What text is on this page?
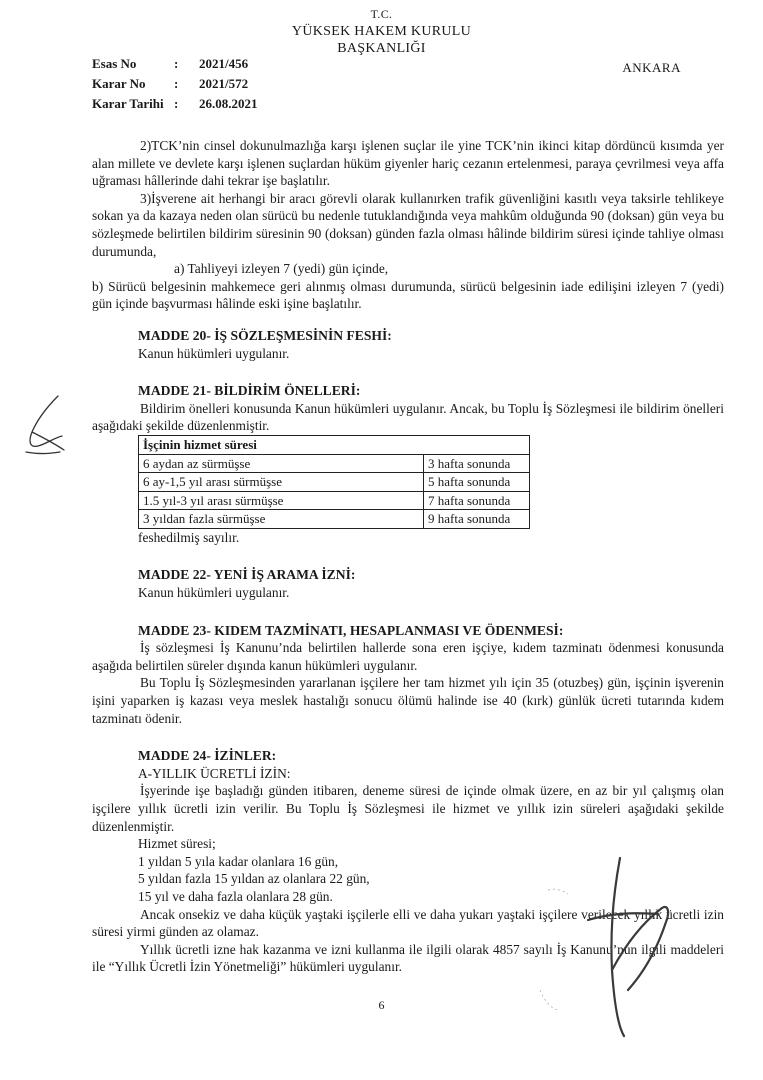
T.C.
YÜKSEK HAKEM KURULU
BAŞKANLIĞI
Esas No	:	2021/456
Karar No	:	2021/572
Karar Tarihi :	26.08.2021
ANKARA

2)TCK’nin cinsel dokunulmazlığa karşı işlenen suçlar ile yine TCK’nin ikinci kitap dördüncü kısımda yer alan millete ve devlete karşı işlenen suçlardan hüküm giyenler hariç cezanın ertelenmesi, paraya çevrilmesi veya affa uğraması hâllerinde dahi tekrar işe başlatılır.

3)İşverene ait herhangi bir aracı görevli olarak kullanırken trafik güvenliğini kasıtlı veya taksirle tehlikeye sokan ya da kazaya neden olan sürücü bu nedenle tutuklandığında veya mahkûm olduğunda 90 (doksan) gün veya bu sözleşmede belirtilen bildirim süresinin 90 (doksan) günden fazla olması hâlinde bildirim süresi içinde tahliye olması durumunda,

a) Tahliyeyi izleyen 7 (yedi) gün içinde,

b) Sürücü belgesinin mahkemece geri alınmış olması durumunda, sürücü belgesinin iade edilişini izleyen 7 (yedi) gün içinde başvurması hâlinde eski işine başlatılır.

MADDE 20- İŞ SÖZLEŞMESİNİN FESHİ:

Kanun hükümleri uygulanır.

MADDE 21- BİLDİRİM ÖNELLERİ:

Bildirim önelleri konusunda Kanun hükümleri uygulanır. Ancak, bu Toplu İş Sözleşmesi ile bildirim önelleri aşağıdaki şekilde düzenlenmiştir.

İşçinin hizmet süresi	
6 aydan az sürmüşse	3 hafta sonunda
6 ay-1,5 yıl arası sürmüşse	5 hafta sonunda
1.5 yıl-3 yıl arası sürmüşse	7 hafta sonunda
3 yıldan fazla sürmüşse	9 hafta sonunda

feshedilmiş sayılır.

MADDE 22- YENİ İŞ ARAMA İZNİ:

Kanun hükümleri uygulanır.

MADDE 23- KIDEM TAZMİNATI, HESAPLANMASI VE ÖDENMESİ:

İş sözleşmesi İş Kanunu’nda belirtilen hallerde sona eren işçiye, kıdem tazminatı ödenmesi konusunda aşağıda belirtilen süreler dışında kanun hükümleri uygulanır.

Bu Toplu İş Sözleşmesinden yararlanan işçilere her tam hizmet yılı için 35 (otuzbeş) gün, işçinin işverenin işini yaparken iş kazası veya meslek hastalığı sonucu ölümü halinde ise 40 (kırk) günlük ücreti tutarında kıdem tazminatı ödenir.

MADDE 24- İZİNLER:

A-YILLIK ÜCRETLİ İZİN:

İşyerinde işe başladığı günden itibaren, deneme süresi de içinde olmak üzere, en az bir yıl çalışmış olan işçilere yıllık ücretli izin verilir. Bu Toplu İş Sözleşmesi ile hizmet ve yıllık izin süreleri aşağıdaki şekilde düzenlenmiştir.

Hizmet süresi;

1 yıldan 5 yıla kadar olanlara 16 gün,

5 yıldan fazla 15 yıldan az olanlara 22 gün,

15 yıl ve daha fazla olanlara 28 gün.

Ancak onsekiz ve daha küçük yaştaki işçilerle elli ve daha yukarı yaştaki işçilere verilecek yıllık ücretli izin süresi yirmi günden az olamaz.

Yıllık ücretli izne hak kazanma ve izni kullanma ile ilgili olarak 4857 sayılı İş Kanunu’nun ilgili maddeleri ile “Yıllık Ücretli İzin Yönetmeliği” hükümleri uygulanır.

6
